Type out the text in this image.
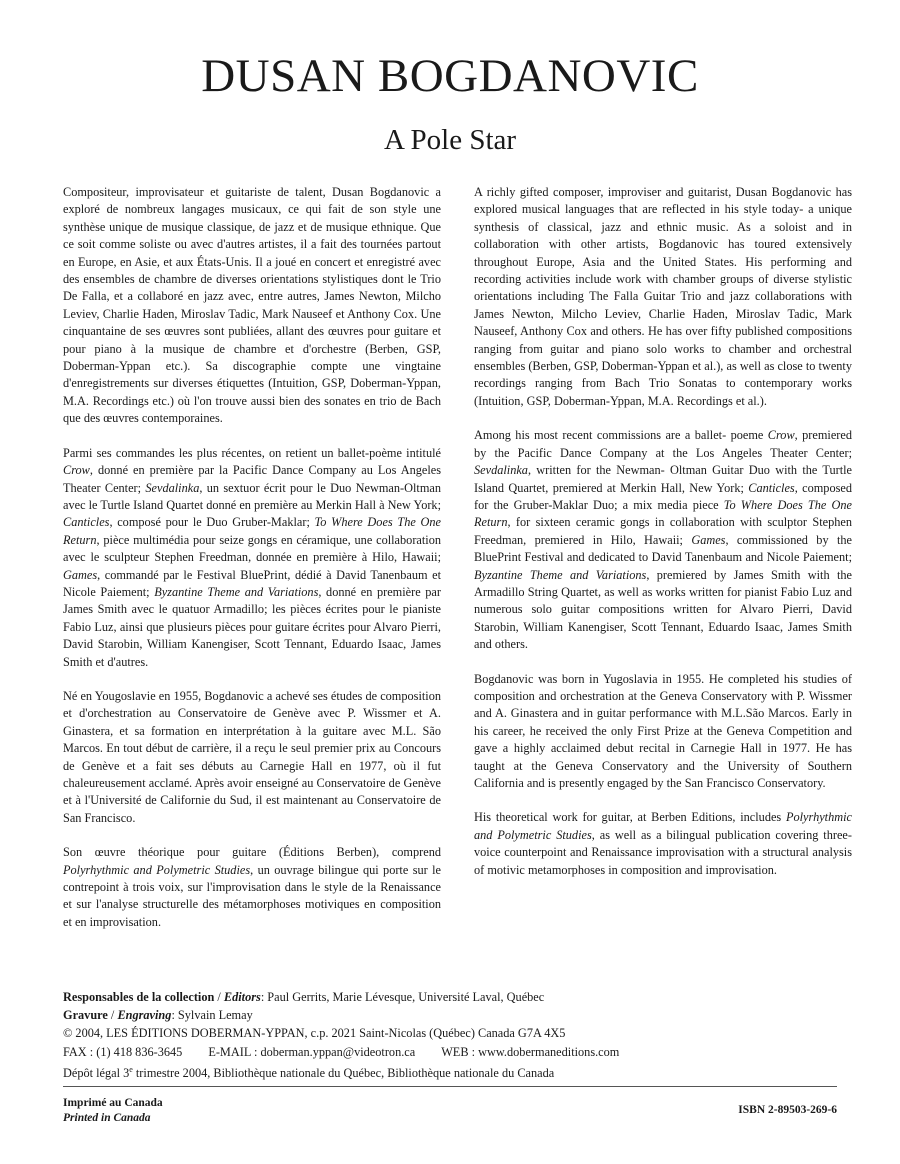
DUSAN BOGDANOVIC
A Pole Star

Compositeur, improvisateur et guitariste de talent, Dusan Bogdanovic a exploré de nombreux langages musicaux, ce qui fait de son style une synthèse unique de musique classique, de jazz et de musique ethnique. Que ce soit comme soliste ou avec d'autres artistes, il a fait des tournées partout en Europe, en Asie, et aux États-Unis. Il a joué en concert et enregistré avec des ensembles de chambre de diverses orientations stylistiques dont le Trio De Falla, et a collaboré en jazz avec, entre autres, James Newton, Milcho Leviev, Charlie Haden, Miroslav Tadic, Mark Nauseef et Anthony Cox. Une cinquantaine de ses œuvres sont publiées, allant des œuvres pour guitare et pour piano à la musique de chambre et d'orchestre (Berben, GSP, Doberman-Yppan etc.). Sa discographie compte une vingtaine d'enregistrements sur diverses étiquettes (Intuition, GSP, Doberman-Yppan, M.A. Recordings etc.) où l'on trouve aussi bien des sonates en trio de Bach que des œuvres contemporaines.

Parmi ses commandes les plus récentes, on retient un ballet-poème intitulé Crow, donné en première par la Pacific Dance Company au Los Angeles Theater Center; Sevdalinka, un sextuor écrit pour le Duo Newman-Oltman avec le Turtle Island Quartet donné en première au Merkin Hall à New York; Canticles, composé pour le Duo Gruber-Maklar; To Where Does The One Return, pièce multimédia pour seize gongs en céramique, une collaboration avec le sculpteur Stephen Freedman, donnée en première à Hilo, Hawaii; Games, commandé par le Festival BluePrint, dédié à David Tanenbaum et Nicole Paiement; Byzantine Theme and Variations, donné en première par James Smith avec le quatuor Armadillo; les pièces écrites pour le pianiste Fabio Luz, ainsi que plusieurs pièces pour guitare écrites pour Alvaro Pierri, David Starobin, William Kanengiser, Scott Tennant, Eduardo Isaac, James Smith et d'autres.

Né en Yougoslavie en 1955, Bogdanovic a achevé ses études de composition et d'orchestration au Conservatoire de Genève avec P. Wissmer et A. Ginastera, et sa formation en interprétation à la guitare avec M.L. São Marcos. En tout début de carrière, il a reçu le seul premier prix au Concours de Genève et a fait ses débuts au Carnegie Hall en 1977, où il fut chaleureusement acclamé. Après avoir enseigné au Conservatoire de Genève et à l'Université de Californie du Sud, il est maintenant au Conservatoire de San Francisco.

Son œuvre théorique pour guitare (Éditions Berben), comprend Polyrhythmic and Polymetric Studies, un ouvrage bilingue qui porte sur le contrepoint à trois voix, sur l'improvisation dans le style de la Renaissance et sur l'analyse structurelle des métamorphoses motiviques en composition et en improvisation.

A richly gifted composer, improviser and guitarist, Dusan Bogdanovic has explored musical languages that are reflected in his style today- a unique synthesis of classical, jazz and ethnic music. As a soloist and in collaboration with other artists, Bogdanovic has toured extensively throughout Europe, Asia and the United States. His performing and recording activities include work with chamber groups of diverse stylistic orientations including The Falla Guitar Trio and jazz collaborations with James Newton, Milcho Leviev, Charlie Haden, Miroslav Tadic, Mark Nauseef, Anthony Cox and others. He has over fifty published compositions ranging from guitar and piano solo works to chamber and orchestral ensembles (Berben, GSP, Doberman-Yppan et al.), as well as close to twenty recordings ranging from Bach Trio Sonatas to contemporary works (Intuition, GSP, Doberman-Yppan, M.A. Recordings et al.).

Among his most recent commissions are a ballet- poeme Crow, premiered by the Pacific Dance Company at the Los Angeles Theater Center; Sevdalinka, written for the Newman- Oltman Guitar Duo with the Turtle Island Quartet, premiered at Merkin Hall, New York; Canticles, composed for the Gruber-Maklar Duo; a mix media piece To Where Does The One Return, for sixteen ceramic gongs in collaboration with sculptor Stephen Freedman, premiered in Hilo, Hawaii; Games, commissioned by the BluePrint Festival and dedicated to David Tanenbaum and Nicole Paiement; Byzantine Theme and Variations, premiered by James Smith with the Armadillo String Quartet, as well as works written for pianist Fabio Luz and numerous solo guitar compositions written for Alvaro Pierri, David Starobin, William Kanengiser, Scott Tennant, Eduardo Isaac, James Smith and others.

Bogdanovic was born in Yugoslavia in 1955. He completed his studies of composition and orchestration at the Geneva Conservatory with P. Wissmer and A. Ginastera and in guitar performance with M.L.São Marcos. Early in his career, he received the only First Prize at the Geneva Competition and gave a highly acclaimed debut recital in Carnegie Hall in 1977. He has taught at the Geneva Conservatory and the University of Southern California and is presently engaged by the San Francisco Conservatory.

His theoretical work for guitar, at Berben Editions, includes Polyrhythmic and Polymetric Studies, as well as a bilingual publication covering three- voice counterpoint and Renaissance improvisation with a structural analysis of motivic metamorphoses in composition and improvisation.

Responsables de la collection / Editors: Paul Gerrits, Marie Lévesque, Université Laval, Québec
Gravure / Engraving: Sylvain Lemay
© 2004, LES ÉDITIONS DOBERMAN-YPPAN, c.p. 2021 Saint-Nicolas (Québec) Canada G7A 4X5
FAX : (1) 418 836-3645 E-MAIL : doberman.yppan@videotron.ca WEB : www.dobermaneditions.com
Dépôt légal 3e trimestre 2004, Bibliothèque nationale du Québec, Bibliothèque nationale du Canada
Imprimé au Canada
Printed in Canada
ISBN 2-89503-269-6
